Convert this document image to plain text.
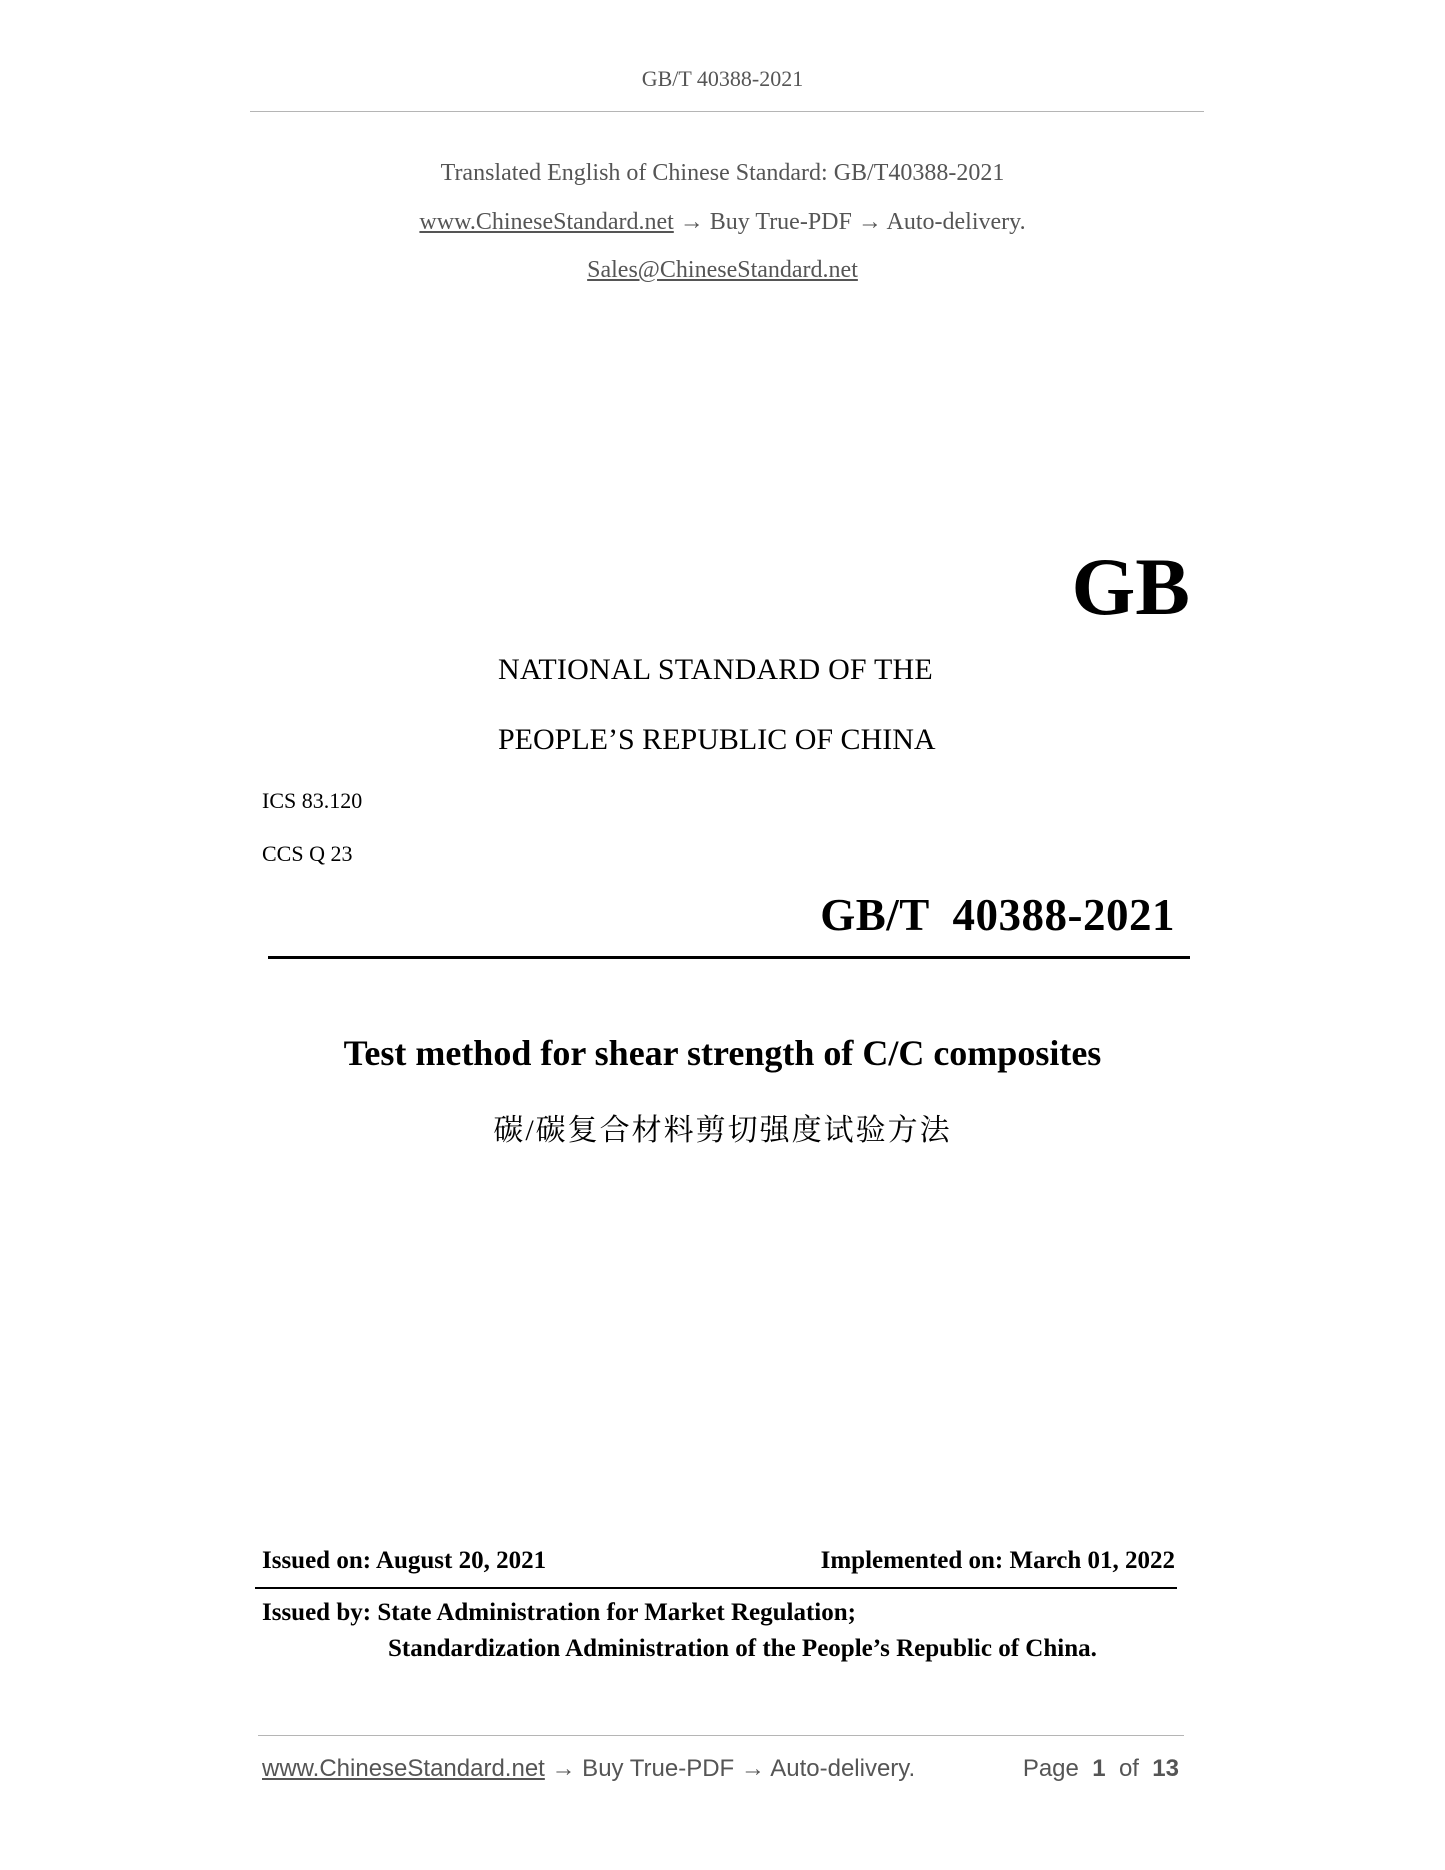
GB/T 40388-2021

Translated English of Chinese Standard: GB/T40388-2021

www.ChineseStandard.net → Buy True-PDF → Auto-delivery.

Sales@ChineseStandard.net

GB

NATIONAL STANDARD OF THE

PEOPLE’S REPUBLIC OF CHINA

ICS 83.120

CCS Q 23

GB/T  40388-2021

Test method for shear strength of C/C composites

碳/碳复合材料剪切强度试验方法

Issued on: August 20, 2021	Implemented on: March 01, 2022

Issued by: State Administration for Market Regulation;

Standardization Administration of the People’s Republic of China.

www.ChineseStandard.net → Buy True-PDF → Auto-delivery.	Page 1 of 13
